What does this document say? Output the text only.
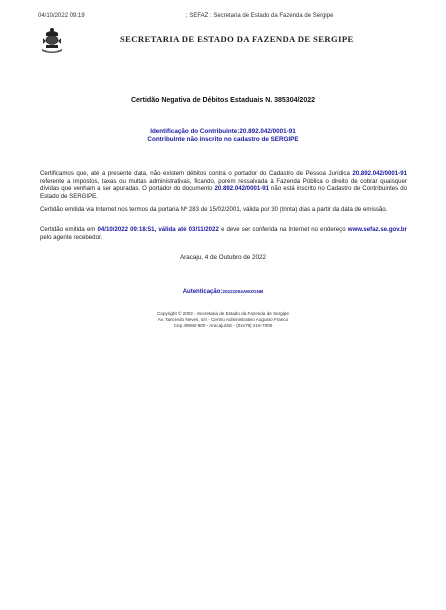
04/10/2022 09:19	; SEFAZ : Secretaria de Estado da Fazenda de Sergipe
SECRETARIA DE ESTADO DA FAZENDA DE SERGIPE
Certidão Negativa de Débitos Estaduais N. 385304/2022
Identificação do Contribuinte:20.892.042/0001-91
Contribuinte não inscrito no cadastro de SERGIPE

Certificamos que, até a presente data, não existem débitos contra o portador do Cadastro de Pessoa Jurídica 20.892.042/0001-91 referente a impostos, taxas ou multas administrativas, ficando, porém ressalvada à Fazenda Pública o direito de cobrar quaisquer dívidas que venham a ser apuradas. O portador do documento 20.892.042/0001-91 não está inscrito no Cadastro de Contribuintes do Estado de SERGIPE.

Certidão emitida via Internet nos termos da portaria Nº 283 de 15/02/2001, válida por 30 (trinta) dias a partir da data de emissão.

Certidão emitida em 04/10/2022 09:18:51, válida até 03/11/2022 e deve ser conferida na Internet no endereço www.sefaz.se.gov.br pelo agente recebedor.

Aracaju, 4 de Outubro de 2022
Autenticação:20221004AWZGNB
Copyright © 2002 - Secretaria de Estado da Fazenda de Sergipe
Av. Tancredo Neves, s/n - Centro Administrativo Augusto Franco
Cep 49080-900 - Aracaju/SE - (0xx79) 216-7000
